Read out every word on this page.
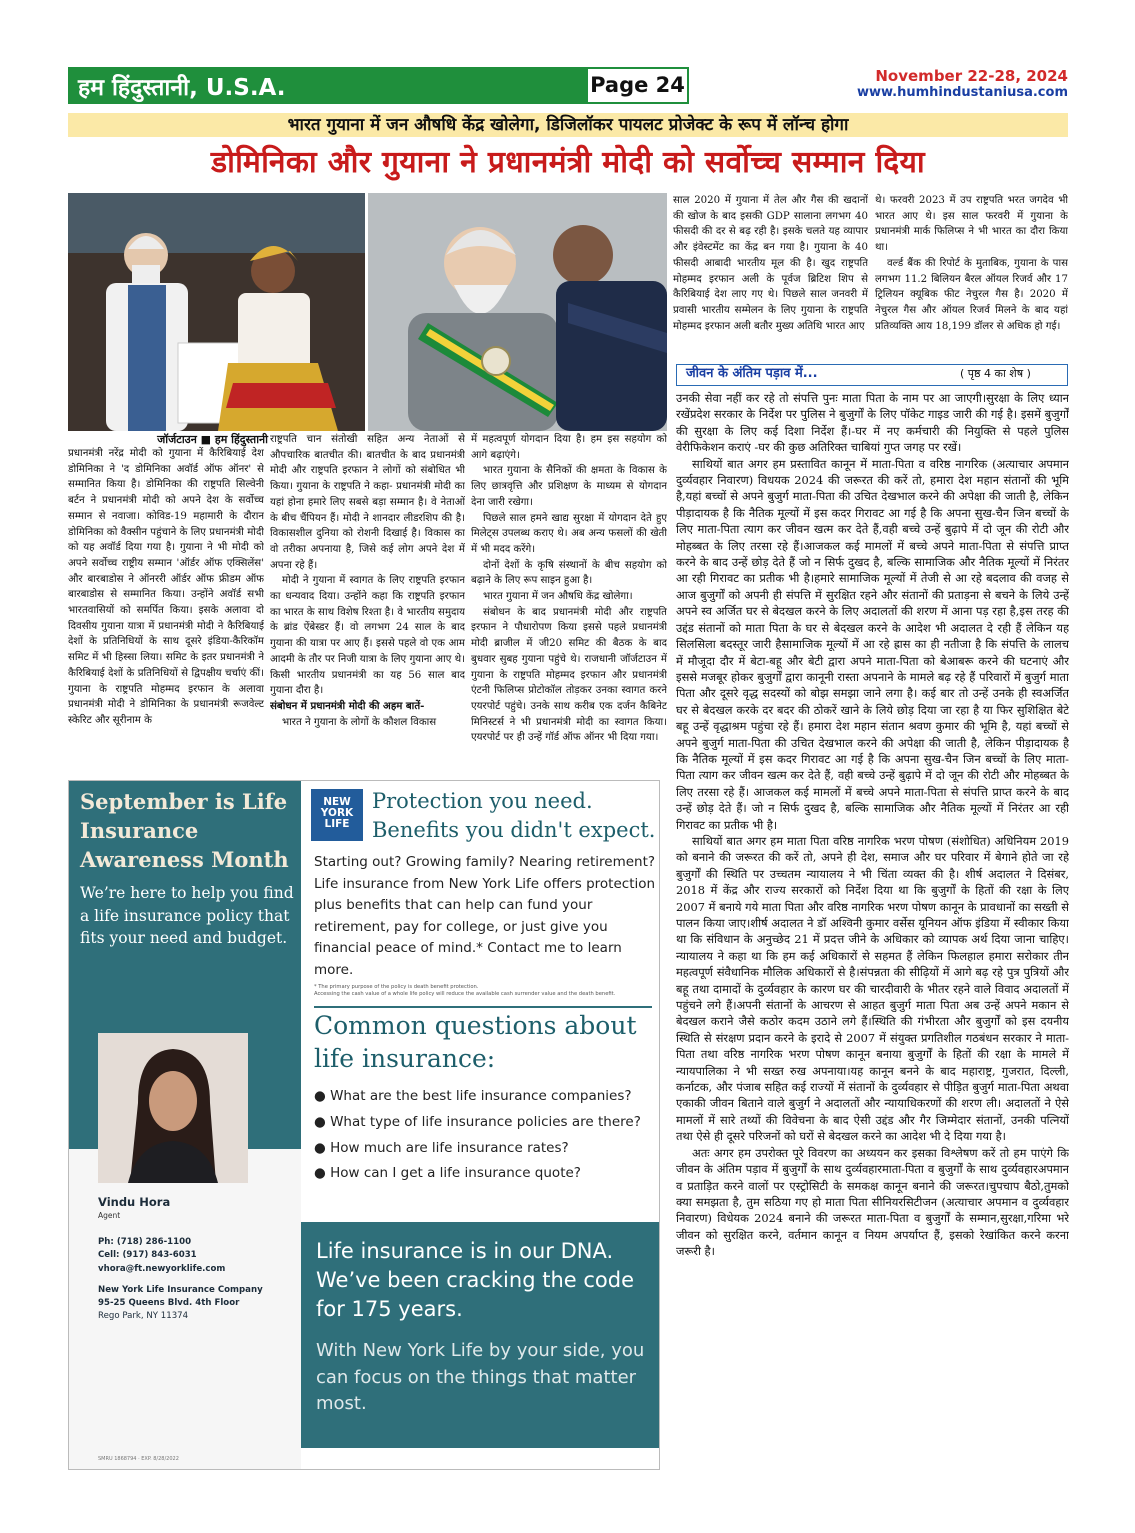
हम हिंदुस्तानी, U.S.A.	Page 24	November 22-28, 2024
www.humhindustaniusa.com
भारत गुयाना में जन औषधि केंद्र खोलेगा, डिजिलॉकर पायलट प्रोजेक्ट के रूप में लॉन्च होगा
डोमिनिका और गुयाना ने प्रधानमंत्री मोदी को सर्वोच्च सम्मान दिया
जॉर्जटाउन ■ हम हिंदुस्तानी

प्रधानमंत्री नरेंद्र मोदी को गुयाना में कैरिबियाई देश डोमिनिका ने 'द डोमिनिका अवॉर्ड ऑफ ऑनर' से सम्मानित किया है। डोमिनिका की राष्ट्रपति सिल्वेनी बर्टन ने प्रधानमंत्री मोदी को अपने देश के सर्वोच्च सम्मान से नवाजा। कोविड-19 महामारी के दौरान डोमिनिका को वैक्सीन पहुंचाने के लिए प्रधानमंत्री मोदी को यह अवॉर्ड दिया गया है। गुयाना ने भी मोदी को अपने सर्वोच्च राष्ट्रीय सम्मान 'ऑर्डर ऑफ एक्सिलेंस' और बारबाडोस ने ऑनररी ऑर्डर ऑफ फ्रीडम ऑफ बारबाडोस से सम्मानित किया। उन्होंने अवॉर्ड सभी भारतवासियों को समर्पित किया। इसके अलावा दो दिवसीय गुयाना यात्रा में प्रधानमंत्री मोदी ने कैरिबियाई देशों के प्रतिनिधियों के साथ दूसरे इंडिया-कैरिकॉम समिट में भी हिस्सा लिया। समिट के इतर प्रधानमंत्री ने कैरिबियाई देशों के प्रतिनिधियों से द्विपक्षीय चर्चाएं कीं। गुयाना के राष्ट्रपति मोहम्मद इरफान के अलावा प्रधानमंत्री मोदी ने डोमिनिका के प्रधानमंत्री रूजवेल्ट स्केरिट और सूरीनाम के

राष्ट्रपति चान संतोखी सहित अन्य नेताओं से औपचारिक बातचीत की। बातचीत के बाद प्रधानमंत्री मोदी और राष्ट्रपति इरफान ने लोगों को संबोधित भी किया। गुयाना के राष्ट्रपति ने कहा- प्रधानमंत्री मोदी का यहां होना हमारे लिए सबसे बड़ा सम्मान है। वे नेताओं के बीच चैंपियन हैं। मोदी ने शानदार लीडरशिप की है। विकासशील दुनिया को रोशनी दिखाई है। विकास का वो तरीका अपनाया है, जिसे कई लोग अपने देश में अपना रहे हैं।

मोदी ने गुयाना में स्वागत के लिए राष्ट्रपति इरफान का धन्यवाद दिया। उन्होंने कहा कि राष्ट्रपति इरफान का भारत के साथ विशेष रिश्ता है। वे भारतीय समुदाय के ब्रांड ऐंबेस्डर हैं। वो लगभग 24 साल के बाद गुयाना की यात्रा पर आए हैं। इससे पहले वो एक आम आदमी के तौर पर निजी यात्रा के लिए गुयाना आए थे। किसी भारतीय प्रधानमंत्री का यह 56 साल बाद गुयाना दौरा है।

संबोधन में प्रधानमंत्री मोदी की अहम बातें-

भारत ने गुयाना के लोगों के कौशल विकास

में महत्वपूर्ण योगदान दिया है। हम इस सहयोग को आगे बढ़ाएंगे।

भारत गुयाना के सैनिकों की क्षमता के विकास के लिए छात्रवृत्ति और प्रशिक्षण के माध्यम से योगदान देना जारी रखेगा।

पिछले साल हमने खाद्य सुरक्षा में योगदान देते हुए मिलेट्स उपलब्ध कराए थे। अब अन्य फसलों की खेती में भी मदद करेंगे।

दोनों देशों के कृषि संस्थानों के बीच सहयोग को बढ़ाने के लिए रूप साइन हुआ है।

भारत गुयाना में जन औषधि केंद्र खोलेगा।

संबोधन के बाद प्रधानमंत्री मोदी और राष्ट्रपति इरफान ने पौधारोपण किया इससे पहले प्रधानमंत्री मोदी ब्राजील में जी20 समिट की बैठक के बाद बुधवार सुबह गुयाना पहुंचे थे। राजधानी जॉर्जटाउन में गुयाना के राष्ट्रपति मोहम्मद इरफान और प्रधानमंत्री एंटनी फिलिप्स प्रोटोकॉल तोड़कर उनका स्वागत करने एयरपोर्ट पहुंचे। उनके साथ करीब एक दर्जन कैबिनेट मिनिस्टर्स ने भी प्रधानमंत्री मोदी का स्वागत किया। एयरपोर्ट पर ही उन्हें गॉर्ड ऑफ ऑनर भी दिया गया।

साल 2020 में गुयाना में तेल और गैस की खदानों की खोज के बाद इसकी GDP सालाना लगभग 40 फीसदी की दर से बढ़ रही है। इसके चलते यह व्यापार और इंवेस्टमेंट का केंद्र बन गया है। गुयाना के 40 फीसदी आबादी भारतीय मूल की है। खुद राष्ट्रपति मोहम्मद इरफान अली के पूर्वज ब्रिटिश शिप से कैरिबियाई देश लाए गए थे। पिछले साल जनवरी में प्रवासी भारतीय सम्मेलन के लिए गुयाना के राष्ट्रपति मोहम्मद इरफान अली बतौर मुख्य अतिथि भारत आए

थे। फरवरी 2023 में उप राष्ट्रपति भरत जगदेव भी भारत आए थे। इस साल फरवरी में गुयाना के प्रधानमंत्री मार्क फिलिप्स ने भी भारत का दौरा किया था।

वर्ल्ड बैंक की रिपोर्ट के मुताबिक, गुयाना के पास लगभग 11.2 बिलियन बैरल ऑयल रिजर्व और 17 ट्रिलियन क्यूबिक फीट नेचुरल गैस है। 2020 में नेचुरल गैस और ऑयल रिजर्व मिलने के बाद यहां प्रतिव्यक्ति आय 18,199 डॉलर से अधिक हो गई।

जीवन के अंतिम पड़ाव में...	( पृष्ठ 4 का शेष )

उनकी सेवा नहीं कर रहे तो संपत्ति पुनः माता पिता के नाम पर आ जाएगी।सुरक्षा के लिए ध्यान रखेंप्रदेश सरकार के निर्देश पर पुलिस ने बुजुर्गों के लिए पॉकेट गाइड जारी की गई है। इसमें बुजुर्गों की सुरक्षा के लिए कई दिशा निर्देश हैं।-घर में नए कर्मचारी की नियुक्ति से पहले पुलिस वेरीफिकेशन कराएं -घर की कुछ अतिरिक्त चाबियां गुप्त जगह पर रखें।

साथियों बात अगर हम प्रस्तावित कानून में माता-पिता व वरिष्ठ नागरिक (अत्याचार अपमान दुर्व्यवहार निवारण) विधयक 2024 की जरूरत की करें तो, हमारा देश महान संतानों की भूमि है,यहां बच्चों से अपने बुजुर्ग माता-पिता की उचित देखभाल करने की अपेक्षा की जाती है, लेकिन पीड़ादायक है कि नैतिक मूल्यों में इस कदर गिरावट आ गई है कि अपना सुख-चैन जिन बच्चों के लिए माता-पिता त्याग कर जीवन खत्म कर देते हैं,वही बच्चे उन्हें बुढ़ापे में दो जून की रोटी और मोहब्बत के लिए तरसा रहे हैं।आजकल कई मामलों में बच्चे अपने माता-पिता से संपत्ति प्राप्त करने के बाद उन्हें छोड़ देते हैं जो न सिर्फ दुखद है, बल्कि सामाजिक और नैतिक मूल्यों में निरंतर आ रही गिरावट का प्रतीक भी है।हमारे सामाजिक मूल्यों में तेजी से आ रहे बदलाव की वजह से आज बुजुर्गों को अपनी ही संपत्ति में सुरक्षित रहने और संतानों की प्रताड़ना से बचने के लिये उन्हें अपने स्व अर्जित घर से बेदखल करने के लिए अदालतों की शरण में आना पड़ रहा है,इस तरह की उद्दंड संतानों को माता पिता के घर से बेदखल करने के आदेश भी अदालत दे रही हैं लेकिन यह सिलसिला बदस्तूर जारी हैसामाजिक मूल्यों में आ रहे ह्रास का ही नतीजा है कि संपत्ति के लालच में मौजूदा दौर में बेटा-बहू और बेटी द्वारा अपने माता-पिता को बेआबरू करने की घटनाएं और इससे मजबूर होकर बुजुर्गों द्वारा कानूनी रास्ता अपनाने के मामले बढ़ रहे हैं परिवारों में बुजुर्ग माता पिता और दूसरे वृद्ध सदस्यों को बोझ समझा जाने लगा है। कई बार तो उन्हें उनके ही स्वअर्जित घर से बेदखल करके दर बदर की ठोकरें खाने के लिये छोड़ दिया जा रहा है या फिर सुशिक्षित बेटे बहू उन्हें वृद्धाश्रम पहुंचा रहे हैं। हमारा देश महान संतान श्रवण कुमार की भूमि है, यहां बच्चों से अपने बुजुर्ग माता-पिता की उचित देखभाल करने की अपेक्षा की जाती है, लेकिन पीड़ादायक है कि नैतिक मूल्यों में इस कदर गिरावट आ गई है कि अपना सुख-चैन जिन बच्चों के लिए माता-पिता त्याग कर जीवन खत्म कर देते हैं, वही बच्चे उन्हें बुढ़ापे में दो जून की रोटी और मोहब्बत के लिए तरसा रहे हैं। आजकल कई मामलों में बच्चे अपने माता-पिता से संपत्ति प्राप्त करने के बाद उन्हें छोड़ देते हैं। जो न सिर्फ दुखद है, बल्कि सामाजिक और नैतिक मूल्यों में निरंतर आ रही गिरावट का प्रतीक भी है।

साथियों बात अगर हम माता पिता वरिष्ठ नागरिक भरण पोषण (संशोधित) अधिनियम 2019 को बनाने की जरूरत की करें तो, अपने ही देश, समाज और घर परिवार में बेगाने होते जा रहे बुजुर्गों की स्थिति पर उच्चतम न्यायालय ने भी चिंता व्यक्त की है। शीर्ष अदालत ने दिसंबर, 2018 में केंद्र और राज्य सरकारों को निर्देश दिया था कि बुजुर्गों के हितों की रक्षा के लिए 2007 में बनाये गये माता पिता और वरिष्ठ नागरिक भरण पोषण कानून के प्रावधानों का सख्ती से पालन किया जाए।शीर्ष अदालत ने डॉ अश्विनी कुमार वर्सेस यूनियन ऑफ इंडिया में स्वीकार किया था कि संविधान के अनुच्छेद 21 में प्रदत्त जीने के अधिकार को व्यापक अर्थ दिया जाना चाहिए।न्यायालय ने कहा था कि हम कई अधिकारों से सहमत हैं लेकिन फिलहाल हमारा सरोकार तीन महत्वपूर्ण संवैधानिक मौलिक अधिकारों से है।संपन्नता की सीढ़ियों में आगे बढ़ रहे पुत्र पुत्रियों और बहू तथा दामादों के दुर्व्यवहार के कारण घर की चारदीवारी के भीतर रहने वाले विवाद अदालतों में पहुंचने लगे हैं।अपनी संतानों के आचरण से आहत बुजुर्ग माता पिता अब उन्हें अपने मकान से बेदखल कराने जैसे कठोर कदम उठाने लगे हैं।स्थिति की गंभीरता और बुजुर्गों को इस दयनीय स्थिति से संरक्षण प्रदान करने के इरादे से 2007 में संयुक्त प्रगतिशील गठबंधन सरकार ने माता-पिता तथा वरिष्ठ नागरिक भरण पोषण कानून बनाया बुजुर्गों के हितों की रक्षा के मामले में न्यायपालिका ने भी सख्त रुख अपनाया।यह कानून बनने के बाद महाराष्ट्र, गुजरात, दिल्ली, कर्नाटक, और पंजाब सहित कई राज्यों में संतानों के दुर्व्यवहार से पीड़ित बुजुर्ग माता-पिता अथवा एकाकी जीवन बिताने वाले बुजुर्ग ने अदालतों और न्यायाधिकरणों की शरण ली। अदालतों ने ऐसे मामलों में सारे तथ्यों की विवेचना के बाद ऐसी उद्दंड और गैर जिम्मेदार संतानों, उनकी पत्नियों तथा ऐसे ही दूसरे परिजनों को घरों से बेदखल करने का आदेश भी दे दिया गया है।

अतः अगर हम उपरोक्त पूरे विवरण का अध्ययन कर इसका विश्लेषण करें तो हम पाएंगे कि जीवन के अंतिम पड़ाव में बुजुर्गों के साथ दुर्व्यवहारमाता-पिता व बुजुर्गों के साथ दुर्व्यवहारअपमान व प्रताड़ित करने वालों पर एस्ट्रोसिटी के समकक्ष कानून बनाने की जरूरत।चुपचाप बैठो,तुमको क्या समझता है, तुम सठिया गए हो माता पिता सीनियरसिटीजन (अत्याचार अपमान व दुर्व्यवहार निवारण) विधेयक 2024 बनाने की जरूरत माता-पिता व बुजुर्गों के सम्मान,सुरक्षा,गरिमा भरे जीवन को सुरक्षित करने, वर्तमान कानून व नियम अपर्याप्त हैं, इसको रेखांकित करने करना जरूरी है।

September is Life Insurance Awareness Month
We’re here to help you find a life insurance policy that fits your need and budget.
Vindu Hora
Agent
Ph: (718) 286-1100
Cell: (917) 843-6031
vhora@ft.newyorklife.com
New York Life Insurance Company
95-25 Queens Blvd. 4th Floor
Rego Park, NY 11374
SMRU 1868794 · EXP. 8/28/2022
NEW
YORK
LIFE
Protection you need.
Benefits you didn't expect.
Starting out? Growing family? Nearing retirement? Life insurance from New York Life offers protection plus benefits that can help can fund your retirement, pay for college, or just give you financial peace of mind.* Contact me to learn more.
* The primary purpose of the policy is death benefit protection.
Accessing the cash value of a whole life policy will reduce the available cash surrender value and the death benefit.
Common questions about
life insurance:
● What are the best life insurance companies?
● What type of life insurance policies are there?
● How much are life insurance rates?
● How can I get a life insurance quote?
Life insurance is in our DNA. We’ve been cracking the code for 175 years.
With New York Life by your side, you can focus on the things that matter most.
